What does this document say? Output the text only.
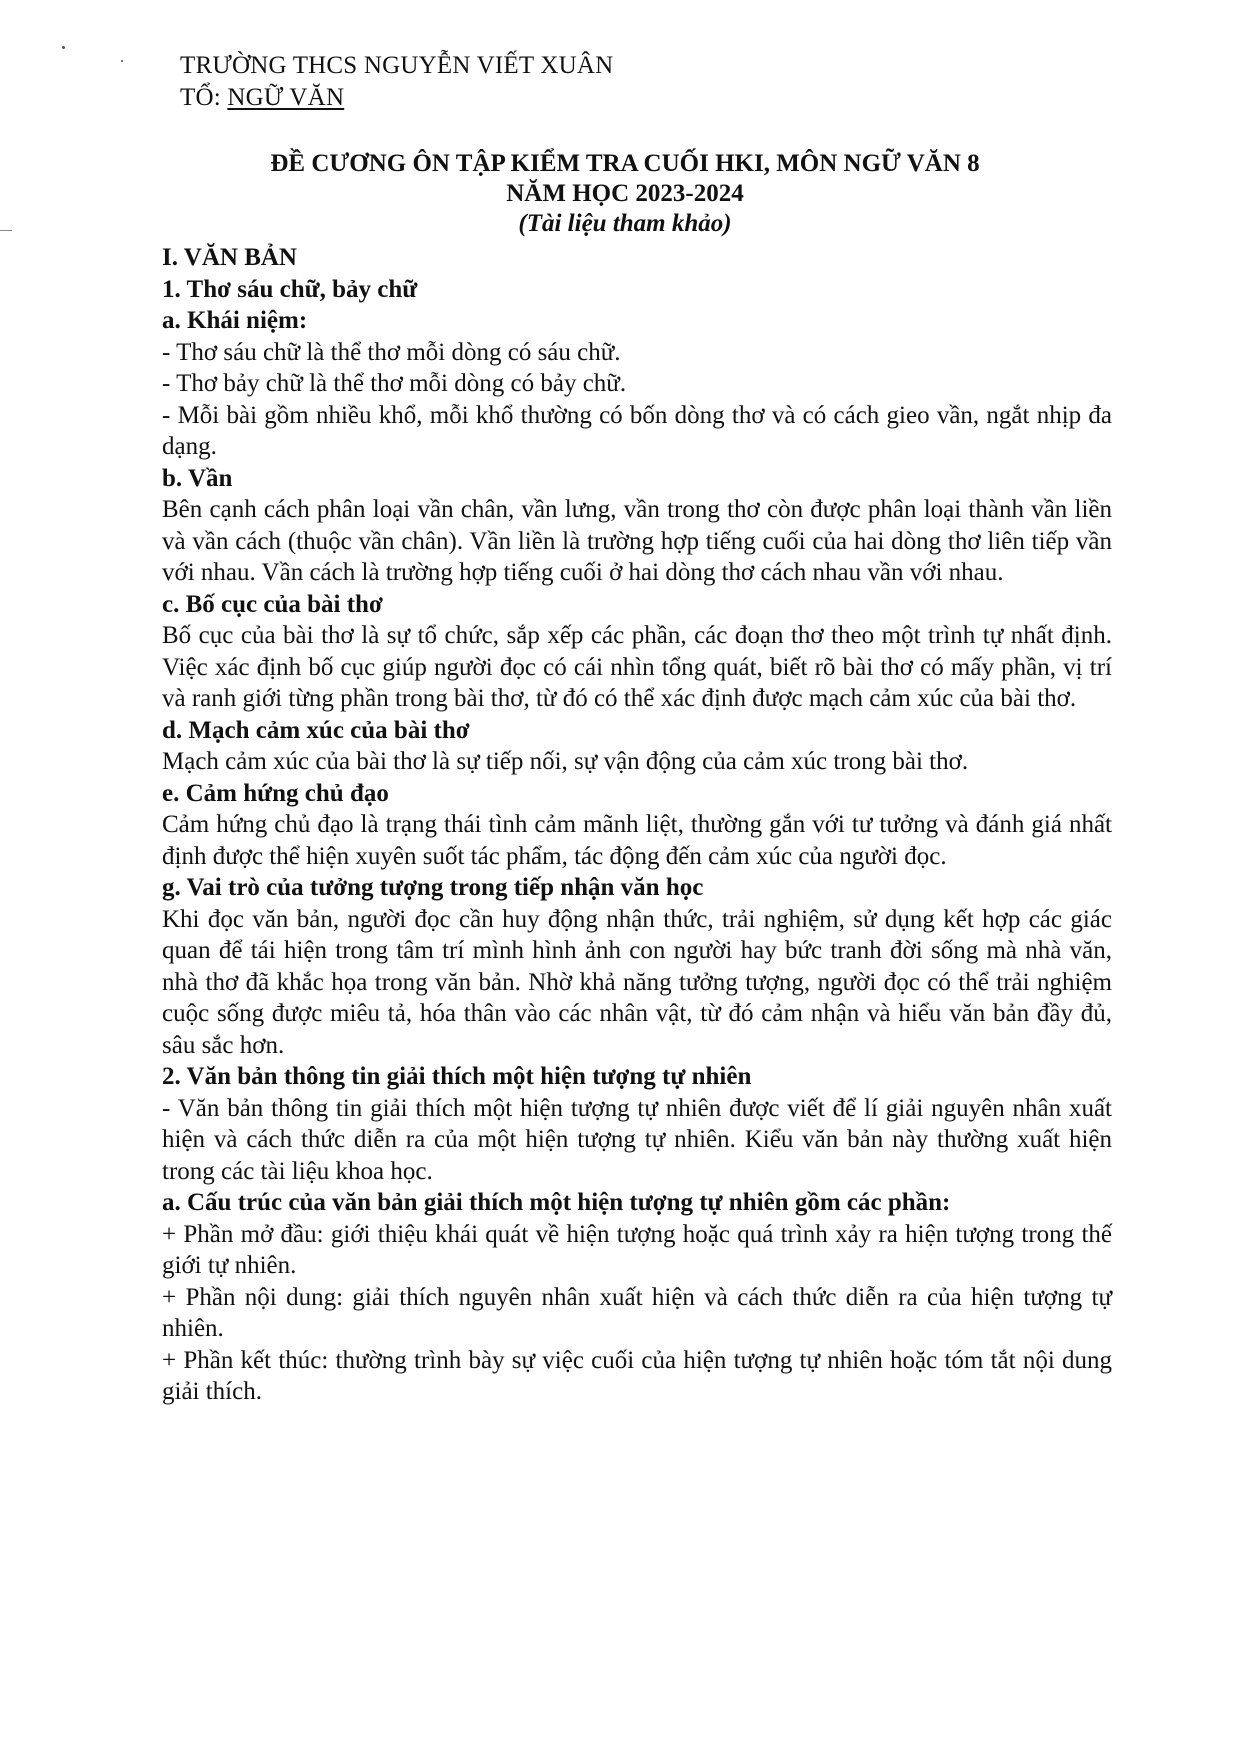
TRƯỜNG THCS NGUYỄN VIẾT XUÂN
TỔ: NGỮ VĂN
ĐỀ CƯƠNG ÔN TẬP KIỂM TRA CUỐI HKI, MÔN NGỮ VĂN 8
NĂM HỌC 2023-2024
(Tài liệu tham khảo)

I. VĂN BẢN

1. Thơ sáu chữ, bảy chữ

a. Khái niệm:

- Thơ sáu chữ là thể thơ mỗi dòng có sáu chữ.

- Thơ bảy chữ là thể thơ mỗi dòng có bảy chữ.

- Mỗi bài gồm nhiều khổ, mỗi khổ thường có bốn dòng thơ và có cách gieo vần, ngắt nhịp đa dạng.

b. Vần

Bên cạnh cách phân loại vần chân, vần lưng, vần trong thơ còn được phân loại thành vần liền và vần cách (thuộc vần chân). Vần liền là trường hợp tiếng cuối của hai dòng thơ liên tiếp vần với nhau. Vần cách là trường hợp tiếng cuối ở hai dòng thơ cách nhau vần với nhau.

c. Bố cục của bài thơ

Bố cục của bài thơ là sự tổ chức, sắp xếp các phần, các đoạn thơ theo một trình tự nhất định. Việc xác định bố cục giúp người đọc có cái nhìn tổng quát, biết rõ bài thơ có mấy phần, vị trí và ranh giới từng phần trong bài thơ, từ đó có thể xác định được mạch cảm xúc của bài thơ.

d. Mạch cảm xúc của bài thơ

Mạch cảm xúc của bài thơ là sự tiếp nối, sự vận động của cảm xúc trong bài thơ.

e. Cảm hứng chủ đạo

Cảm hứng chủ đạo là trạng thái tình cảm mãnh liệt, thường gắn với tư tưởng và đánh giá nhất định được thể hiện xuyên suốt tác phẩm, tác động đến cảm xúc của người đọc.

g. Vai trò của tưởng tượng trong tiếp nhận văn học

Khi đọc văn bản, người đọc cần huy động nhận thức, trải nghiệm, sử dụng kết hợp các giác quan để tái hiện trong tâm trí mình hình ảnh con người hay bức tranh đời sống mà nhà văn, nhà thơ đã khắc họa trong văn bản. Nhờ khả năng tưởng tượng, người đọc có thể trải nghiệm cuộc sống được miêu tả, hóa thân vào các nhân vật, từ đó cảm nhận và hiểu văn bản đầy đủ, sâu sắc hơn.

2. Văn bản thông tin giải thích một hiện tượng tự nhiên

- Văn bản thông tin giải thích một hiện tượng tự nhiên được viết để lí giải nguyên nhân xuất hiện và cách thức diễn ra của một hiện tượng tự nhiên. Kiểu văn bản này thường xuất hiện trong các tài liệu khoa học.

a. Cấu trúc của văn bản giải thích một hiện tượng tự nhiên gồm các phần:

+ Phần mở đầu: giới thiệu khái quát về hiện tượng hoặc quá trình xảy ra hiện tượng trong thế giới tự nhiên.

+ Phần nội dung: giải thích nguyên nhân xuất hiện và cách thức diễn ra của hiện tượng tự nhiên.

+ Phần kết thúc: thường trình bày sự việc cuối của hiện tượng tự nhiên hoặc tóm tắt nội dung giải thích.
